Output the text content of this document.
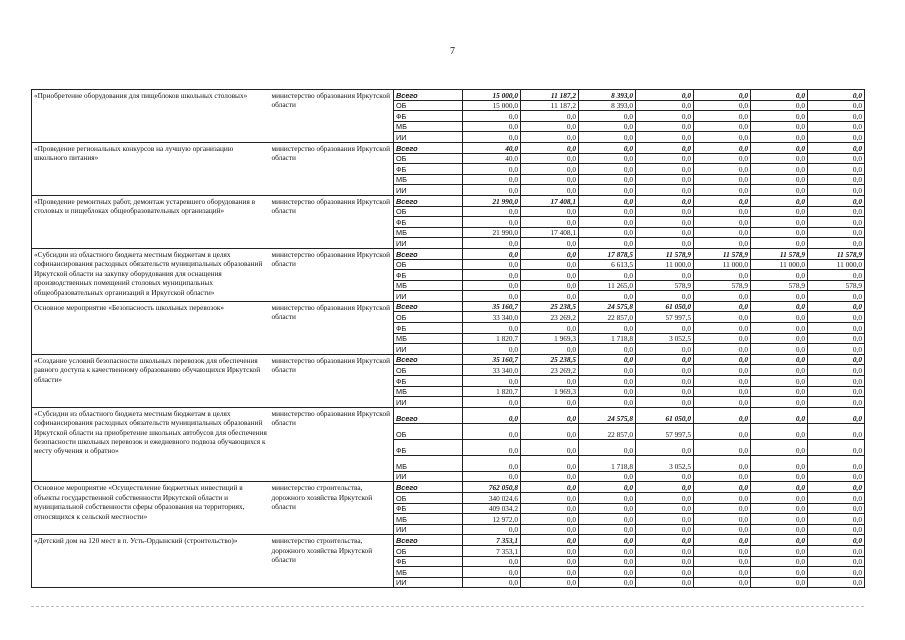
7
«Приобретение оборудования для пищеблоков школьных столовых»	министерство образования Иркутской области	Всего	15 000,0	11 187,2	8 393,0	0,0	0,0	0,0	0,0
		ОБ	15 000,0	11 187,2	8 393,0	0,0	0,0	0,0	0,0
		ФБ	0,0	0,0	0,0	0,0	0,0	0,0	0,0
		МБ	0,0	0,0	0,0	0,0	0,0	0,0	0,0
		ИИ	0,0	0,0	0,0	0,0	0,0	0,0	0,0
«Проведение региональных конкурсов на лучшую организацию школьного питания»	министерство образования Иркутской области	Всего	40,0	0,0	0,0	0,0	0,0	0,0	0,0
		ОБ	40,0	0,0	0,0	0,0	0,0	0,0	0,0
		ФБ	0,0	0,0	0,0	0,0	0,0	0,0	0,0
		МБ	0,0	0,0	0,0	0,0	0,0	0,0	0,0
		ИИ	0,0	0,0	0,0	0,0	0,0	0,0	0,0
«Проведение ремонтных работ, демонтаж устаревшего оборудования в столовых и пищеблоках общеобразовательных организаций»	министерство образования Иркутской области	Всего	21 990,0	17 408,1	0,0	0,0	0,0	0,0	0,0
		ОБ	0,0	0,0	0,0	0,0	0,0	0,0	0,0
		ФБ	0,0	0,0	0,0	0,0	0,0	0,0	0,0
		МБ	21 990,0	17 408,1	0,0	0,0	0,0	0,0	0,0
		ИИ	0,0	0,0	0,0	0,0	0,0	0,0	0,0
«Субсидии из областного бюджета местным бюджетам в целях софинансирования расходных обязательств муниципальных образований Иркутской области на закупку оборудования для оснащения производственных помещений столовых муниципальных общеобразовательных организаций в Иркутской области»	министерство образования Иркутской области	Всего	0,0	0,0	17 878,5	11 578,9	11 578,9	11 578,9	11 578,9
		ОБ	0,0	0,0	6 613,5	11 000,0	11 000,0	11 000,0	11 000,0
		ФБ	0,0	0,0	0,0	0,0	0,0	0,0	0,0
		МБ	0,0	0,0	11 265,0	578,9	578,9	578,9	578,9
		ИИ	0,0	0,0	0,0	0,0	0,0	0,0	0,0
Основное мероприятие «Безопасность школьных перевозок»	министерство образования Иркутской области	Всего	35 160,7	25 238,5	24 575,8	61 050,0	0,0	0,0	0,0
		ОБ	33 340,0	23 269,2	22 857,0	57 997,5	0,0	0,0	0,0
		ФБ	0,0	0,0	0,0	0,0	0,0	0,0	0,0
		МБ	1 820,7	1 969,3	1 718,8	3 052,5	0,0	0,0	0,0
		ИИ	0,0	0,0	0,0	0,0	0,0	0,0	0,0
«Создание условий безопасности школьных перевозок для обеспечения равного доступа к качественному образованию обучающихся Иркутской области»	министерство образования Иркутской области	Всего	35 160,7	25 238,5	0,0	0,0	0,0	0,0	0,0
		ОБ	33 340,0	23 269,2	0,0	0,0	0,0	0,0	0,0
		ФБ	0,0	0,0	0,0	0,0	0,0	0,0	0,0
		МБ	1 820,7	1 969,3	0,0	0,0	0,0	0,0	0,0
		ИИ	0,0	0,0	0,0	0,0	0,0	0,0	0,0
«Субсидии из областного бюджета местным бюджетам в целях софинансирования расходных обязательств муниципальных образований Иркутской области на приобретение школьных автобусов для обеспечения безопасности школьных перевозок и ежедневного подвоза обучающихся к месту обучения и обратно»	министерство образования Иркутской области	Всего	0,0	0,0	24 575,8	61 050,0	0,0	0,0	0,0
		ОБ	0,0	0,0	22 857,0	57 997,5	0,0	0,0	0,0
		ФБ	0,0	0,0	0,0	0,0	0,0	0,0	0,0
		МБ	0,0	0,0	1 718,8	3 052,5	0,0	0,0	0,0
		ИИ	0,0	0,0	0,0	0,0	0,0	0,0	0,0
Основное мероприятие «Осуществление бюджетных инвестиций в объекты государственной собственности Иркутской области и муниципальной собственности сферы образования на территориях, относящихся к сельской местности»	министерство строительства, дорожного хозяйства Иркутской области	Всего	762 050,8	0,0	0,0	0,0	0,0	0,0	0,0
		ОБ	340 024,6	0,0	0,0	0,0	0,0	0,0	0,0
		ФБ	409 034,2	0,0	0,0	0,0	0,0	0,0	0,0
		МБ	12 972,0	0,0	0,0	0,0	0,0	0,0	0,0
		ИИ	0,0	0,0	0,0	0,0	0,0	0,0	0,0
«Детский дом на 120 мест в п. Усть-Ордынский (строительство)»	министерство строительства, дорожного хозяйства Иркутской области	Всего	7 353,1	0,0	0,0	0,0	0,0	0,0	0,0
		ОБ	7 353,1	0,0	0,0	0,0	0,0	0,0	0,0
		ФБ	0,0	0,0	0,0	0,0	0,0	0,0	0,0
		МБ	0,0	0,0	0,0	0,0	0,0	0,0	0,0
		ИИ	0,0	0,0	0,0	0,0	0,0	0,0	0,0
